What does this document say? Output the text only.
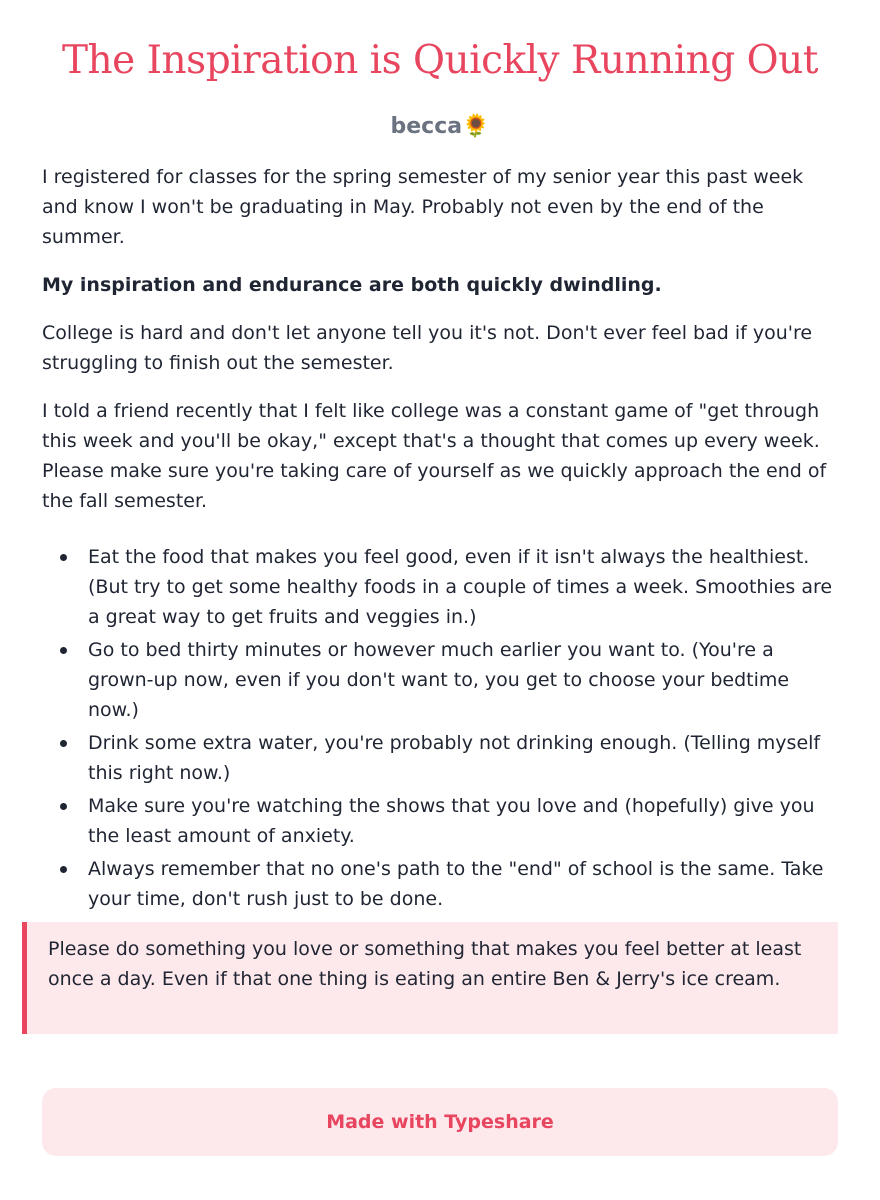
The Inspiration is Quickly Running Out
becca🌻

I registered for classes for the spring semester of my senior year this past week and know I won't be graduating in May. Probably not even by the end of the summer.

My inspiration and endurance are both quickly dwindling.

College is hard and don't let anyone tell you it's not. Don't ever feel bad if you're struggling to finish out the semester.

I told a friend recently that I felt like college was a constant game of "get through this week and you'll be okay," except that's a thought that comes up every week. Please make sure you're taking care of yourself as we quickly approach the end of the fall semester.

Eat the food that makes you feel good, even if it isn't always the healthiest. (But try to get some healthy foods in a couple of times a week. Smoothies are a great way to get fruits and veggies in.)
Go to bed thirty minutes or however much earlier you want to. (You're a grown-up now, even if you don't want to, you get to choose your bedtime now.)
Drink some extra water, you're probably not drinking enough. (Telling myself this right now.)
Make sure you're watching the shows that you love and (hopefully) give you the least amount of anxiety.
Always remember that no one's path to the "end" of school is the same. Take your time, don't rush just to be done.
Please do something you love or something that makes you feel better at least once a day. Even if that one thing is eating an entire Ben & Jerry's ice cream.
Made with Typeshare
